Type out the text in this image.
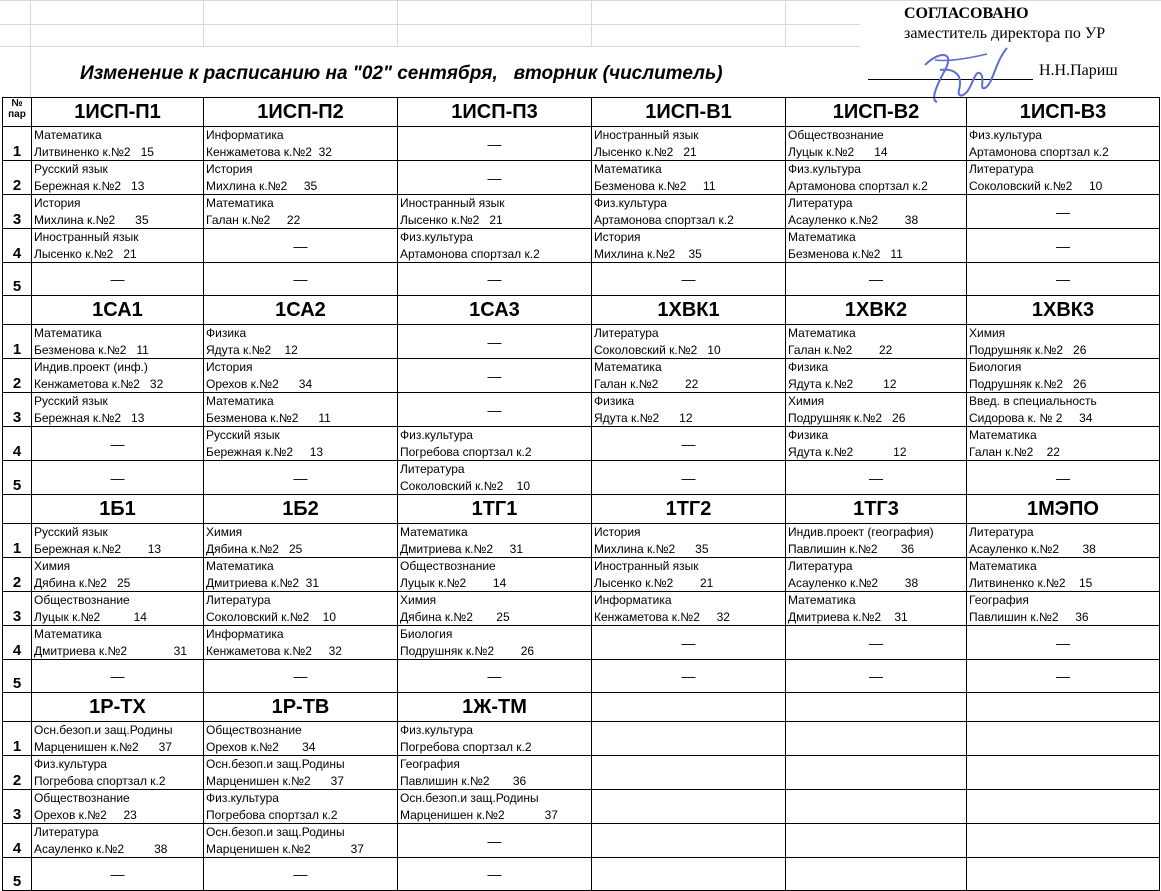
СОГЛАСОВАНО
заместитель директора по УР
Н.Н.Париш
Изменение к расписанию на "02" сентября,   вторник (числитель)
№ пар	1ИСП-П1	1ИСП-П2	1ИСП-П3	1ИСП-В1	1ИСП-В2	1ИСП-В3

1	Математика
Литвиненко к.№2   15	Информатика
Кенжаметова к.№2  32	—	Иностранный язык
Лысенко к.№2   21	Обществознание
Луцык к.№2      14	Физ.культура
Артамонова спортзал к.2

2	Русский язык
Бережная к.№2   13	История
Михлина к.№2     35	—	Математика
Безменова к.№2     11	Физ.культура
Артамонова спортзал к.2	Литература
Соколовский к.№2     10

3	История
Михлина к.№2      35	Математика
Галан к.№2     22	Иностранный язык
Лысенко к.№2   21	Физ.культура
Артамонова спортзал к.2	Литература
Асауленко к.№2        38	—

4	Иностранный язык
Лысенко к.№2   21	—	Физ.культура
Артамонова спортзал к.2	История
Михлина к.№2    35	Математика
Безменова к.№2   11	—

5	—	—	—	—	—	—
	1СА1	1СА2	1СА3	1ХВК1	1ХВК2	1ХВК3

1	Математика
Безменова к.№2   11	Физика
Ядута к.№2    12	—	Литература
Соколовский к.№2   10	Математика
Галан к.№2        22	Химия
Подрушняк к.№2   26

2	Индив.проект (инф.)
Кенжаметова к.№2   32	История
Орехов к.№2      34	—	Математика
Галан к.№2        22	Физика
Ядута к.№2         12	Биология
Подрушняк к.№2   26

3	Русский язык
Бережная к.№2   13	Математика
Безменова к.№2      11	—	Физика
Ядута к.№2      12	Химия
Подрушняк к.№2   26	Введ. в специальность
Сидорова к. № 2     34

4	—	Русский язык
Бережная к.№2     13	Физ.культура
Погребова спортзал к.2	—	Физика
Ядута к.№2            12	Математика
Галан к.№2    22

5	—	—	Литература
Соколовский к.№2    10	—	—	—
	1Б1	1Б2	1ТГ1	1ТГ2	1ТГ3	1МЭПО

1	Русский язык
Бережная к.№2        13	Химия
Дябина к.№2   25	Математика
Дмитриева к.№2     31	История
Михлина к.№2      35	Индив.проект (география)
Павлишин к.№2       36	Литература
Асауленко к.№2       38

2	Химия
Дябина к.№2   25	Математика
Дмитриева к.№2  31	Обществознание
Луцык к.№2        14	Иностранный язык
Лысенко к.№2        21	Литература
Асауленко к.№2        38	Математика
Литвиненко к.№2    15

3	Обществознание
Луцык к.№2          14	Литература
Соколовский к.№2    10	Химия
Дябина к.№2       25	Информатика
Кенжаметова к.№2     32	Математика
Дмитриева к.№2    31	География
Павлишин к.№2     36

4	Математика
Дмитриева к.№2              31	Информатика
Кенжаметова к.№2     32	Биология
Подрушняк к.№2        26	—	—	—

5	—	—	—	—	—	—
	1Р-ТХ	1Р-ТВ	1Ж-ТМ			

1	Осн.безоп.и защ.Родины
Марценишен к.№2      37	Обществознание
Орехов к.№2       34	Физ.культура
Погребова спортзал к.2			

2	Физ.культура
Погребова спортзал к.2	Осн.безоп.и защ.Родины
Марценишен к.№2      37	География
Павлишин к.№2       36			

3	Обществознание
Орехов к.№2     23	Физ.культура
Погребова спортзал к.2	Осн.безоп.и защ.Родины
Марценишен к.№2            37			

4	Литература
Асауленко к.№2         38	Осн.безоп.и защ.Родины
Марценишен к.№2            37	—			

5	—	—	—			
